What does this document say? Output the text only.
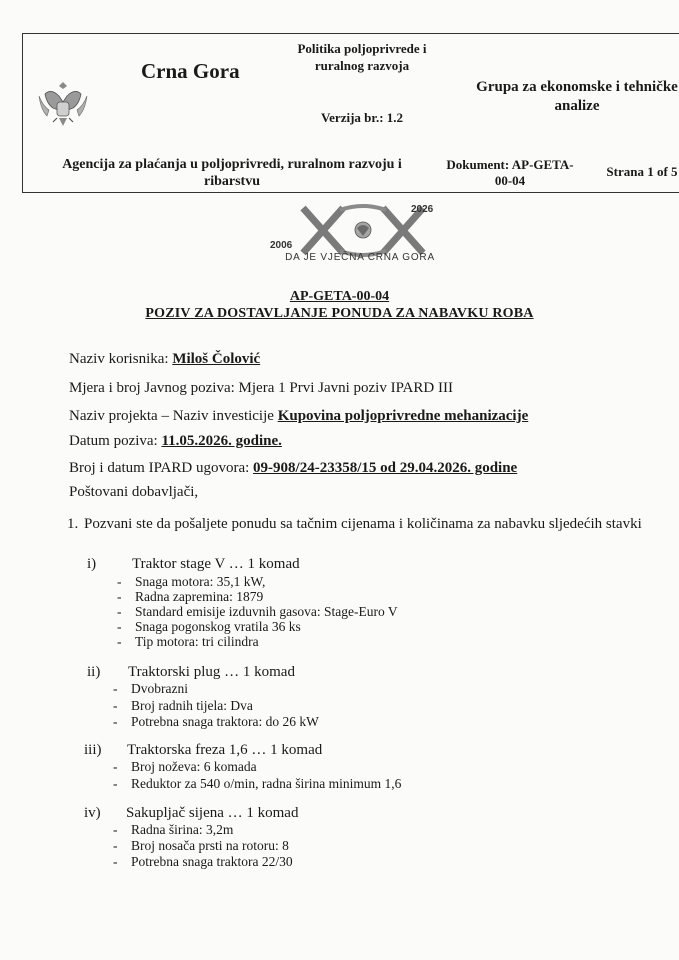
Crna Gora
Politika poljoprivrede i ruralnog razvoja
Verzija br.: 1.2
Grupa za ekonomske i tehničke analize
Agencija za plaćanja u poljoprivredi, ruralnom razvoju i ribarstvu
Dokument: AP-GETA-00-04
Strana 1 of 5
2026
2006
DA JE VJEČNA CRNA GORA
AP-GETA-00-04
POZIV ZA DOSTAVLJANJE PONUDA ZA NABAVKU ROBA
Naziv korisnika: Miloš Čolović
Mjera i broj Javnog poziva: Mjera 1 Prvi Javni poziv IPARD III
Naziv projekta – Naziv investicije Kupovina poljoprivredne mehanizacije
Datum poziva: 11.05.2026. godine.
Broj i datum IPARD ugovora: 09-908/24-23358/15 od 29.04.2026. godine
Poštovani dobavljači,
1. Pozvani ste da pošaljete ponudu sa tačnim cijenama i količinama za nabavku sljedećih stavki
i) Traktor stage V … 1 komad
- Snaga motora: 35,1 kW,
- Radna zapremina: 1879
- Standard emisije izduvnih gasova: Stage-Euro V
- Snaga pogonskog vratila 36 ks
- Tip motora: tri cilindra
ii) Traktorski plug … 1 komad
- Dvobrazni
- Broj radnih tijela: Dva
- Potrebna snaga traktora: do 26 kW
iii) Traktorska freza 1,6 … 1 komad
- Broj noževa: 6 komada
- Reduktor za 540 o/min, radna širina minimum 1,6
iv) Sakupljač sijena … 1 komad
- Radna širina: 3,2m
- Broj nosača prsti na rotoru: 8
- Potrebna snaga traktora 22/30
